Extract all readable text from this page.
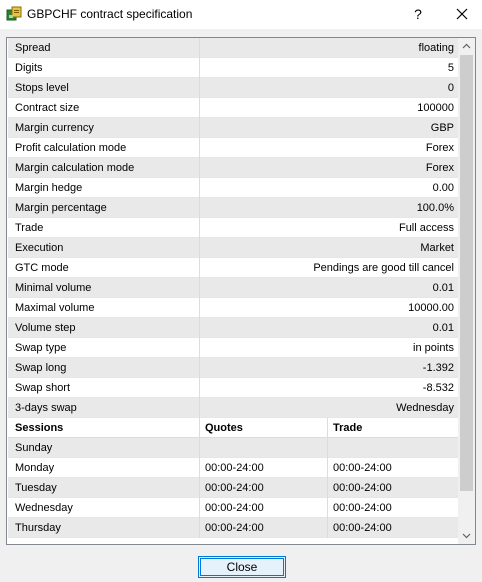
GBPCHF contract specification	?
Spread	floating
Digits	5
Stops level	0
Contract size	100000
Margin currency	GBP
Profit calculation mode	Forex
Margin calculation mode	Forex
Margin hedge	0.00
Margin percentage	100.0%
Trade	Full access
Execution	Market
GTC mode	Pendings are good till cancel
Minimal volume	0.01
Maximal volume	10000.00
Volume step	0.01
Swap type	in points
Swap long	-1.392
Swap short	-8.532
3-days swap	Wednesday
Sessions	Quotes	Trade
Sunday
Monday	00:00-24:00	00:00-24:00
Tuesday	00:00-24:00	00:00-24:00
Wednesday	00:00-24:00	00:00-24:00
Thursday	00:00-24:00	00:00-24:00
Close
